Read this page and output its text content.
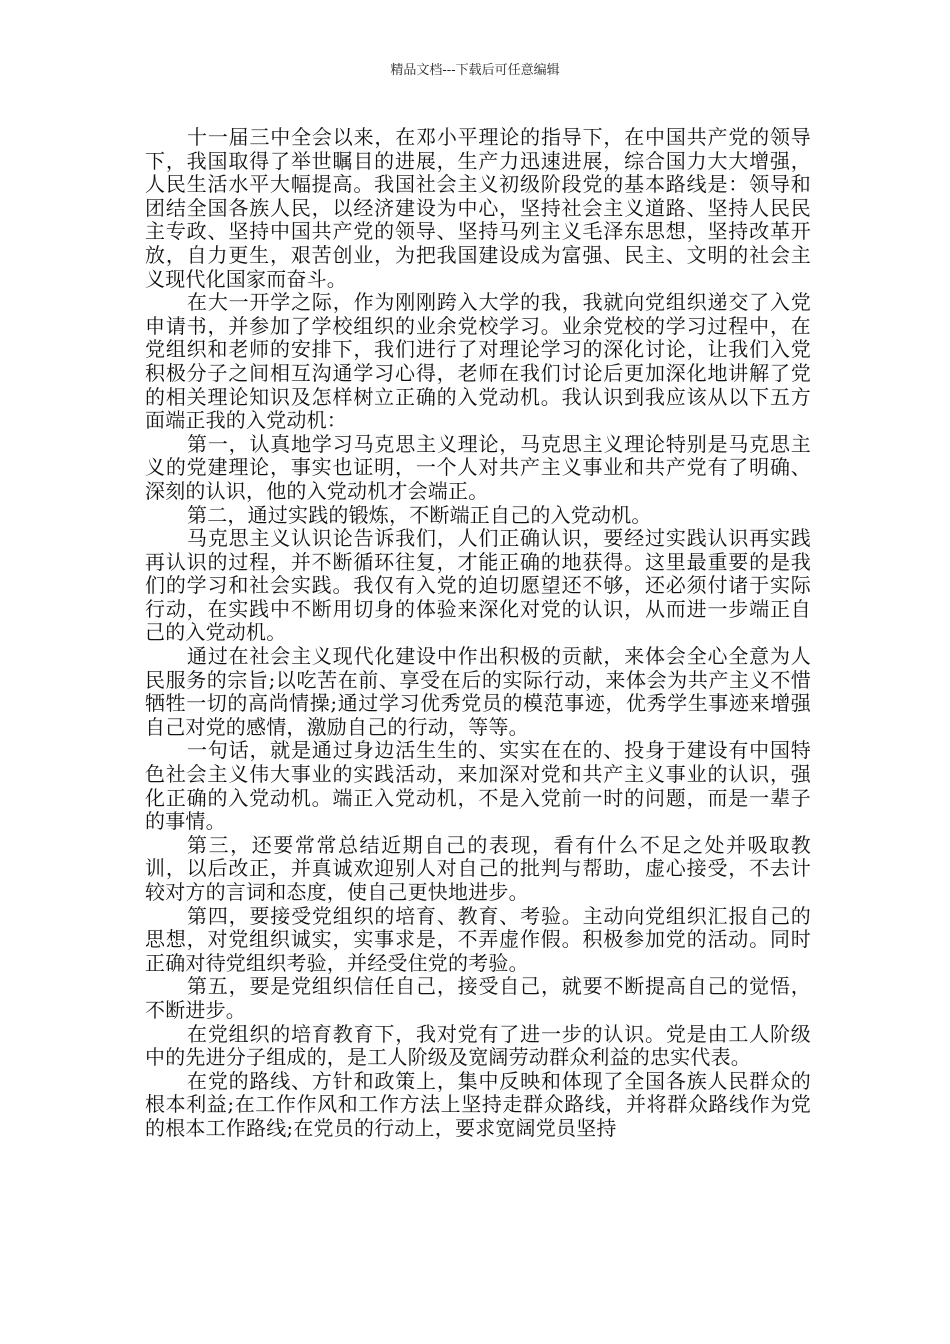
精品文档---下载后可任意编辑

十一届三中全会以来，在邓小平理论的指导下，在中国共产党的领导下，我国取得了举世瞩目的进展，生产力迅速进展，综合国力大大增强，人民生活水平大幅提高。我国社会主义初级阶段党的基本路线是：领导和团结全国各族人民，以经济建设为中心，坚持社会主义道路、坚持人民民主专政、坚持中国共产党的领导、坚持马列主义毛泽东思想，坚持改革开放，自力更生，艰苦创业，为把我国建设成为富强、民主、文明的社会主义现代化国家而奋斗。

在大一开学之际，作为刚刚跨入大学的我，我就向党组织递交了入党申请书，并参加了学校组织的业余党校学习。业余党校的学习过程中，在党组织和老师的安排下，我们进行了对理论学习的深化讨论，让我们入党积极分子之间相互沟通学习心得，老师在我们讨论后更加深化地讲解了党的相关理论知识及怎样树立正确的入党动机。我认识到我应该从以下五方面端正我的入党动机：

第一，认真地学习马克思主义理论，马克思主义理论特别是马克思主义的党建理论，事实也证明，一个人对共产主义事业和共产党有了明确、深刻的认识，他的入党动机才会端正。

第二，通过实践的锻炼，不断端正自己的入党动机。

马克思主义认识论告诉我们，人们正确认识，要经过实践认识再实践再认识的过程，并不断循环往复，才能正确的地获得。这里最重要的是我们的学习和社会实践。我仅有入党的迫切愿望还不够，还必须付诸于实际行动，在实践中不断用切身的体验来深化对党的认识，从而进一步端正自己的入党动机。

通过在社会主义现代化建设中作出积极的贡献，来体会全心全意为人民服务的宗旨;以吃苦在前、享受在后的实际行动，来体会为共产主义不惜牺牲一切的高尚情操;通过学习优秀党员的模范事迹，优秀学生事迹来增强自己对党的感情，激励自己的行动，等等。

一句话，就是通过身边活生生的、实实在在的、投身于建设有中国特色社会主义伟大事业的实践活动，来加深对党和共产主义事业的认识，强化正确的入党动机。端正入党动机，不是入党前一时的问题，而是一辈子的事情。

第三，还要常常总结近期自己的表现，看有什么不足之处并吸取教训，以后改正，并真诚欢迎别人对自己的批判与帮助，虚心接受，不去计较对方的言词和态度，使自己更快地进步。

第四，要接受党组织的培育、教育、考验。主动向党组织汇报自己的思想，对党组织诚实，实事求是，不弄虚作假。积极参加党的活动。同时正确对待党组织考验，并经受住党的考验。

第五，要是党组织信任自己，接受自己，就要不断提高自己的觉悟，不断进步。

在党组织的培育教育下，我对党有了进一步的认识。党是由工人阶级中的先进分子组成的，是工人阶级及宽阔劳动群众利益的忠实代表。

在党的路线、方针和政策上，集中反映和体现了全国各族人民群众的根本利益;在工作作风和工作方法上坚持走群众路线，并将群众路线作为党的根本工作路线;在党员的行动上，要求宽阔党员坚持
